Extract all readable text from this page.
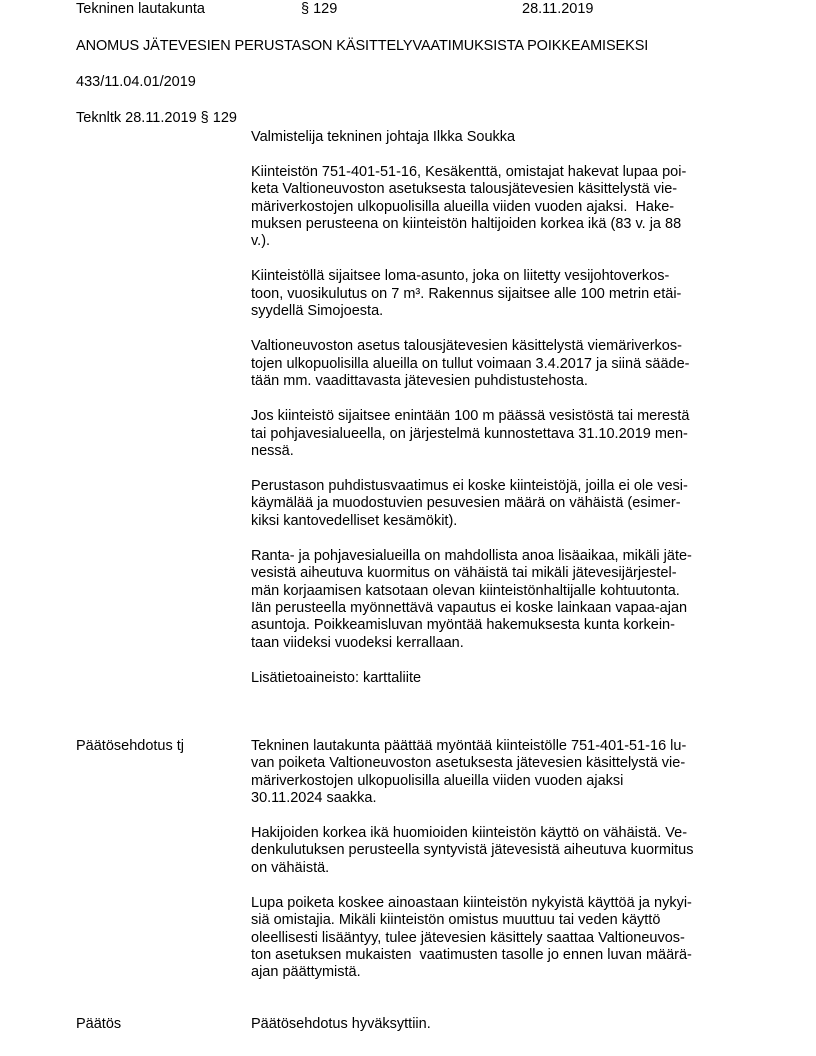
Tekninen lautakunta	§ 129	28.11.2019
ANOMUS JÄTEVESIEN PERUSTASON KÄSITTELYVAATIMUKSISTA POIKKEAMISEKSI
433/11.04.01/2019
Teknltk 28.11.2019 § 129
Valmistelija tekninen johtaja Ilkka Soukka

Kiinteistön 751-401-51-16, Kesäkenttä, omistajat hakevat lupaa poi-
keta Valtioneuvoston asetuksesta talousjätevesien käsittelystä vie-
märiverkostojen ulkopuolisilla alueilla viiden vuoden ajaksi.  Hake-
muksen perusteena on kiinteistön haltijoiden korkea ikä (83 v. ja 88
v.).

Kiinteistöllä sijaitsee loma-asunto, joka on liitetty vesijohtoverkos-
toon, vuosikulutus on 7 m³. Rakennus sijaitsee alle 100 metrin etäi-
syydellä Simojoesta.

Valtioneuvoston asetus talousjätevesien käsittelystä viemäriverkos-
tojen ulkopuolisilla alueilla on tullut voimaan 3.4.2017 ja siinä sääde-
tään mm. vaadittavasta jätevesien puhdistustehosta.

Jos kiinteistö sijaitsee enintään 100 m päässä vesistöstä tai merestä
tai pohjavesialueella, on järjestelmä kunnostettava 31.10.2019 men-
nessä.

Perustason puhdistusvaatimus ei koske kiinteistöjä, joilla ei ole vesi-
käymälää ja muodostuvien pesuvesien määrä on vähäistä (esimer-
kiksi kantovedelliset kesämökit).

Ranta- ja pohjavesialueilla on mahdollista anoa lisäaikaa, mikäli jäte-
vesistä aiheutuva kuormitus on vähäistä tai mikäli jätevesijärjestel-
män korjaamisen katsotaan olevan kiinteistönhaltijalle kohtuutonta.
Iän perusteella myönnettävä vapautus ei koske lainkaan vapaa-ajan
asuntoja. Poikkeamisluvan myöntää hakemuksesta kunta korkein-
taan viideksi vuodeksi kerrallaan.

Lisätietoaineisto: karttaliite

Päätösehdotus tj	Tekninen lautakunta päättää myöntää kiinteistölle 751-401-51-16 lu-
van poiketa Valtioneuvoston asetuksesta jätevesien käsittelystä vie-
märiverkostojen ulkopuolisilla alueilla viiden vuoden ajaksi
30.11.2024 saakka.

Hakijoiden korkea ikä huomioiden kiinteistön käyttö on vähäistä. Ve-
denkulutuksen perusteella syntyvistä jätevesistä aiheutuva kuormitus
on vähäistä.

Lupa poiketa koskee ainoastaan kiinteistön nykyistä käyttöä ja nykyi-
siä omistajia. Mikäli kiinteistön omistus muuttuu tai veden käyttö
oleellisesti lisääntyy, tulee jätevesien käsittely saattaa Valtioneuvos-
ton asetuksen mukaisten  vaatimusten tasolle jo ennen luvan määrä-
ajan päättymistä.

Päätös	Päätösehdotus hyväksyttiin.
